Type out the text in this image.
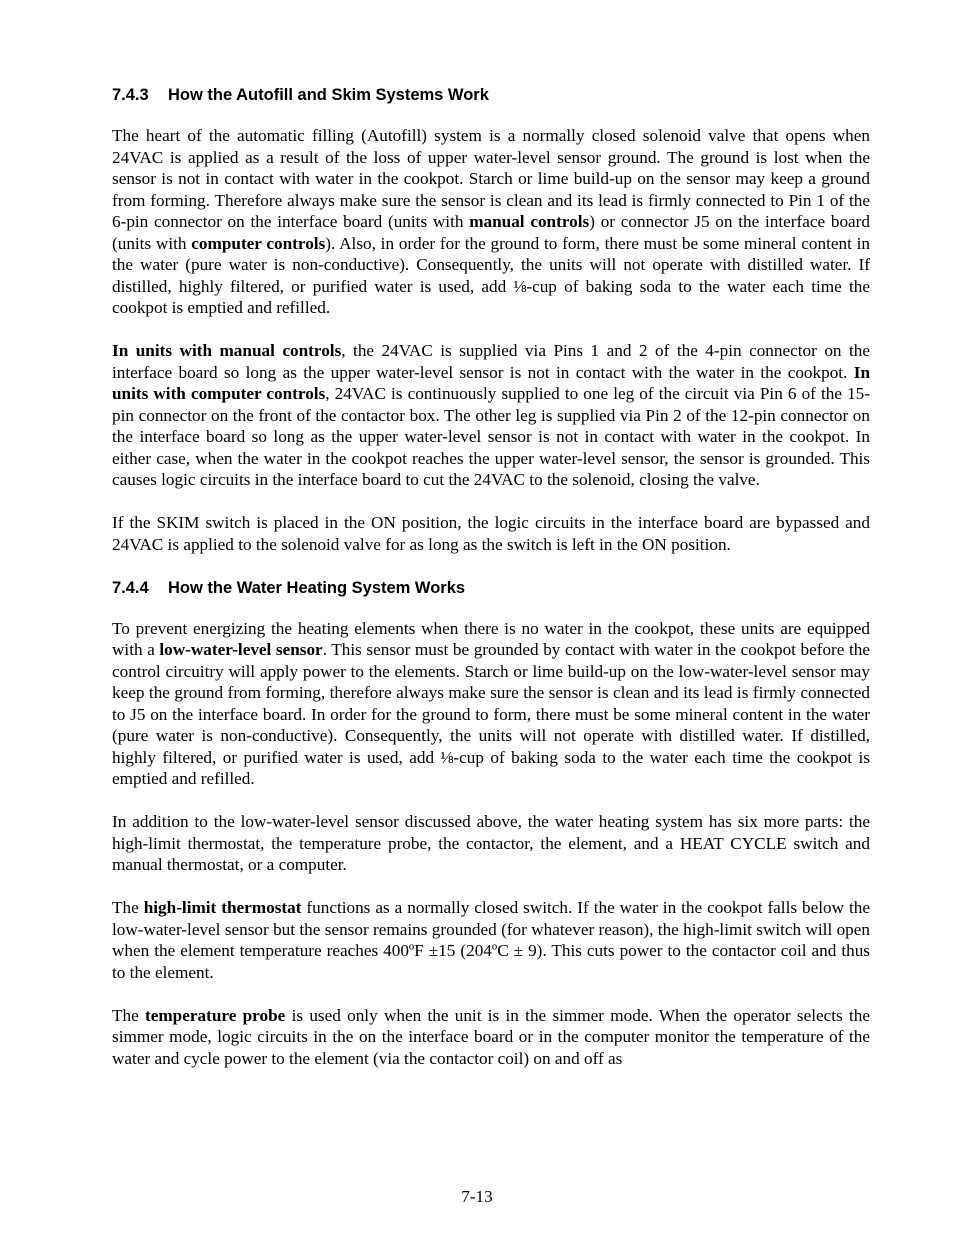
7.4.3 How the Autofill and Skim Systems Work

The heart of the automatic filling (Autofill) system is a normally closed solenoid valve that opens when 24VAC is applied as a result of the loss of upper water-level sensor ground. The ground is lost when the sensor is not in contact with water in the cookpot. Starch or lime build-up on the sensor may keep a ground from forming. Therefore always make sure the sensor is clean and its lead is firmly connected to Pin 1 of the 6-pin connector on the interface board (units with manual controls) or connector J5 on the interface board (units with computer controls). Also, in order for the ground to form, there must be some mineral content in the water (pure water is non-conductive). Consequently, the units will not operate with distilled water. If distilled, highly filtered, or purified water is used, add ⅛-cup of baking soda to the water each time the cookpot is emptied and refilled.

In units with manual controls, the 24VAC is supplied via Pins 1 and 2 of the 4-pin connector on the interface board so long as the upper water-level sensor is not in contact with the water in the cookpot. In units with computer controls, 24VAC is continuously supplied to one leg of the circuit via Pin 6 of the 15-pin connector on the front of the contactor box. The other leg is supplied via Pin 2 of the 12-pin connector on the interface board so long as the upper water-level sensor is not in contact with water in the cookpot. In either case, when the water in the cookpot reaches the upper water-level sensor, the sensor is grounded. This causes logic circuits in the interface board to cut the 24VAC to the solenoid, closing the valve.

If the SKIM switch is placed in the ON position, the logic circuits in the interface board are bypassed and 24VAC is applied to the solenoid valve for as long as the switch is left in the ON position.

7.4.4 How the Water Heating System Works

To prevent energizing the heating elements when there is no water in the cookpot, these units are equipped with a low-water-level sensor. This sensor must be grounded by contact with water in the cookpot before the control circuitry will apply power to the elements. Starch or lime build-up on the low-water-level sensor may keep the ground from forming, therefore always make sure the sensor is clean and its lead is firmly connected to J5 on the interface board. In order for the ground to form, there must be some mineral content in the water (pure water is non-conductive). Consequently, the units will not operate with distilled water. If distilled, highly filtered, or purified water is used, add ⅛-cup of baking soda to the water each time the cookpot is emptied and refilled.

In addition to the low-water-level sensor discussed above, the water heating system has six more parts: the high-limit thermostat, the temperature probe, the contactor, the element, and a HEAT CYCLE switch and manual thermostat, or a computer.

The high-limit thermostat functions as a normally closed switch. If the water in the cookpot falls below the low-water-level sensor but the sensor remains grounded (for whatever reason), the high-limit switch will open when the element temperature reaches 400ºF ±15 (204ºC ± 9). This cuts power to the contactor coil and thus to the element.

The temperature probe is used only when the unit is in the simmer mode. When the operator selects the simmer mode, logic circuits in the on the interface board or in the computer monitor the temperature of the water and cycle power to the element (via the contactor coil) on and off as

7-13
